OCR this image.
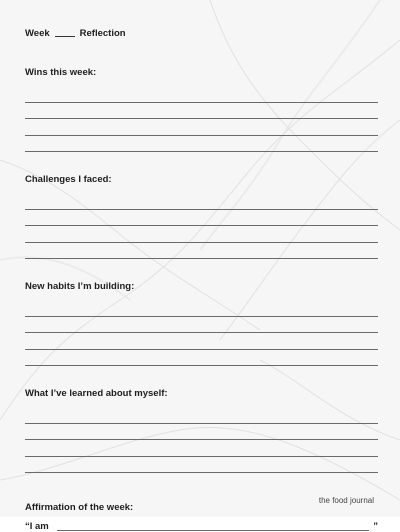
Week	Reflection
Wins this week:
Challenges I faced:
New habits I’m building:
What I’ve learned about myself:
Affirmation of the week:
“I am	”
the food journal
